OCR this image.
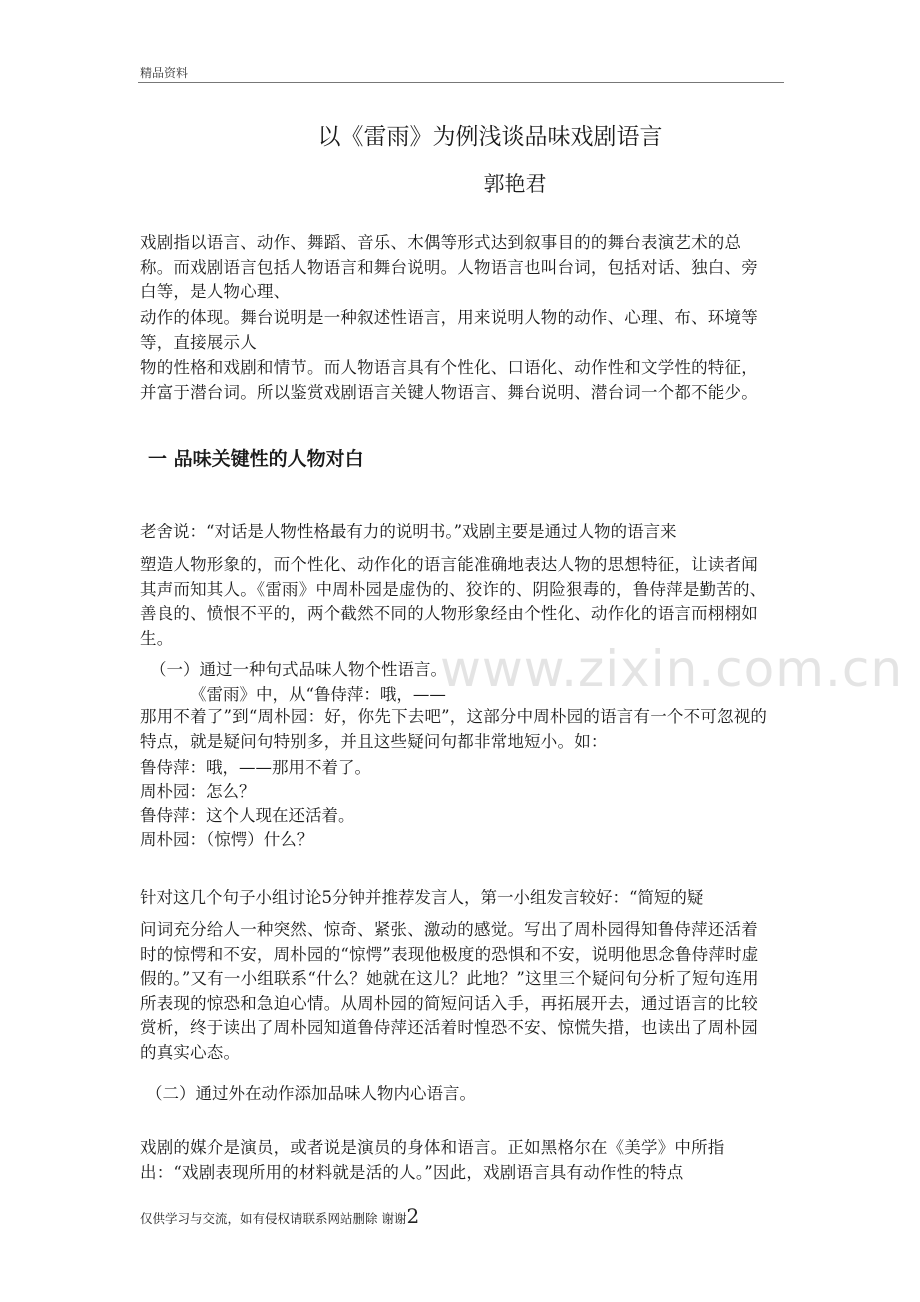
精品资料
www.zixin.com.cn
以《雷雨》为例浅谈品味戏剧语言
郭艳君

戏剧指以语言、动作、舞蹈、音乐、木偶等形式达到叙事目的的舞台表演艺术的总称。而戏剧语言包括人物语言和舞台说明。人物语言也叫台词，包括对话、独白、旁白等，是人物心理、

动作的体现。舞台说明是一种叙述性语言，用来说明人物的动作、心理、布、环境等等，直接展示人

物的性格和戏剧和情节。而人物语言具有个性化、口语化、动作性和文学性的特征，并富于潜台词。所以鉴赏戏剧语言关键人物语言、舞台说明、潜台词一个都不能少。

一 品味关键性的人物对白
老舍说：“对话是人物性格最有力的说明书。”戏剧主要是通过人物的语言来

塑造人物形象的，而个性化、动作化的语言能准确地表达人物的思想特征，让读者闻其声而知其人。《雷雨》中周朴园是虚伪的、狡诈的、阴险狠毒的，鲁侍萍是勤苦的、善良的、愤恨不平的，两个截然不同的人物形象经由个性化、动作化的语言而栩栩如生。

（一）通过一种句式品味人物个性语言。
《雷雨》中，从“鲁侍萍：哦，——

那用不着了”到“周朴园：好，你先下去吧”，这部分中周朴园的语言有一个不可忽视的特点，就是疑问句特别多，并且这些疑问句都非常地短小。如：

鲁侍萍：哦，——那用不着了。
周朴园：怎么？
鲁侍萍：这个人现在还活着。
周朴园：（惊愕）什么？
针对这几个句子小组讨论5分钟并推荐发言人，第一小组发言较好：“简短的疑

问词充分给人一种突然、惊奇、紧张、激动的感觉。写出了周朴园得知鲁侍萍还活着时的惊愕和不安，周朴园的“惊愕”表现他极度的恐惧和不安，说明他思念鲁侍萍时虚假的。”又有一小组联系“什么？她就在这儿？此地？”这里三个疑问句分析了短句连用所表现的惊恐和急迫心情。从周朴园的简短问话入手，再拓展开去，通过语言的比较赏析，终于读出了周朴园知道鲁侍萍还活着时惶恐不安、惊慌失措，也读出了周朴园的真实心态。

（二）通过外在动作添加品味人物内心语言。

戏剧的媒介是演员，或者说是演员的身体和语言。正如黑格尔在《美学》中所指出：“戏剧表现所用的材料就是活的人。”因此，戏剧语言具有动作性的特点

仅供学习与交流，如有侵权请联系网站删除 谢谢2
